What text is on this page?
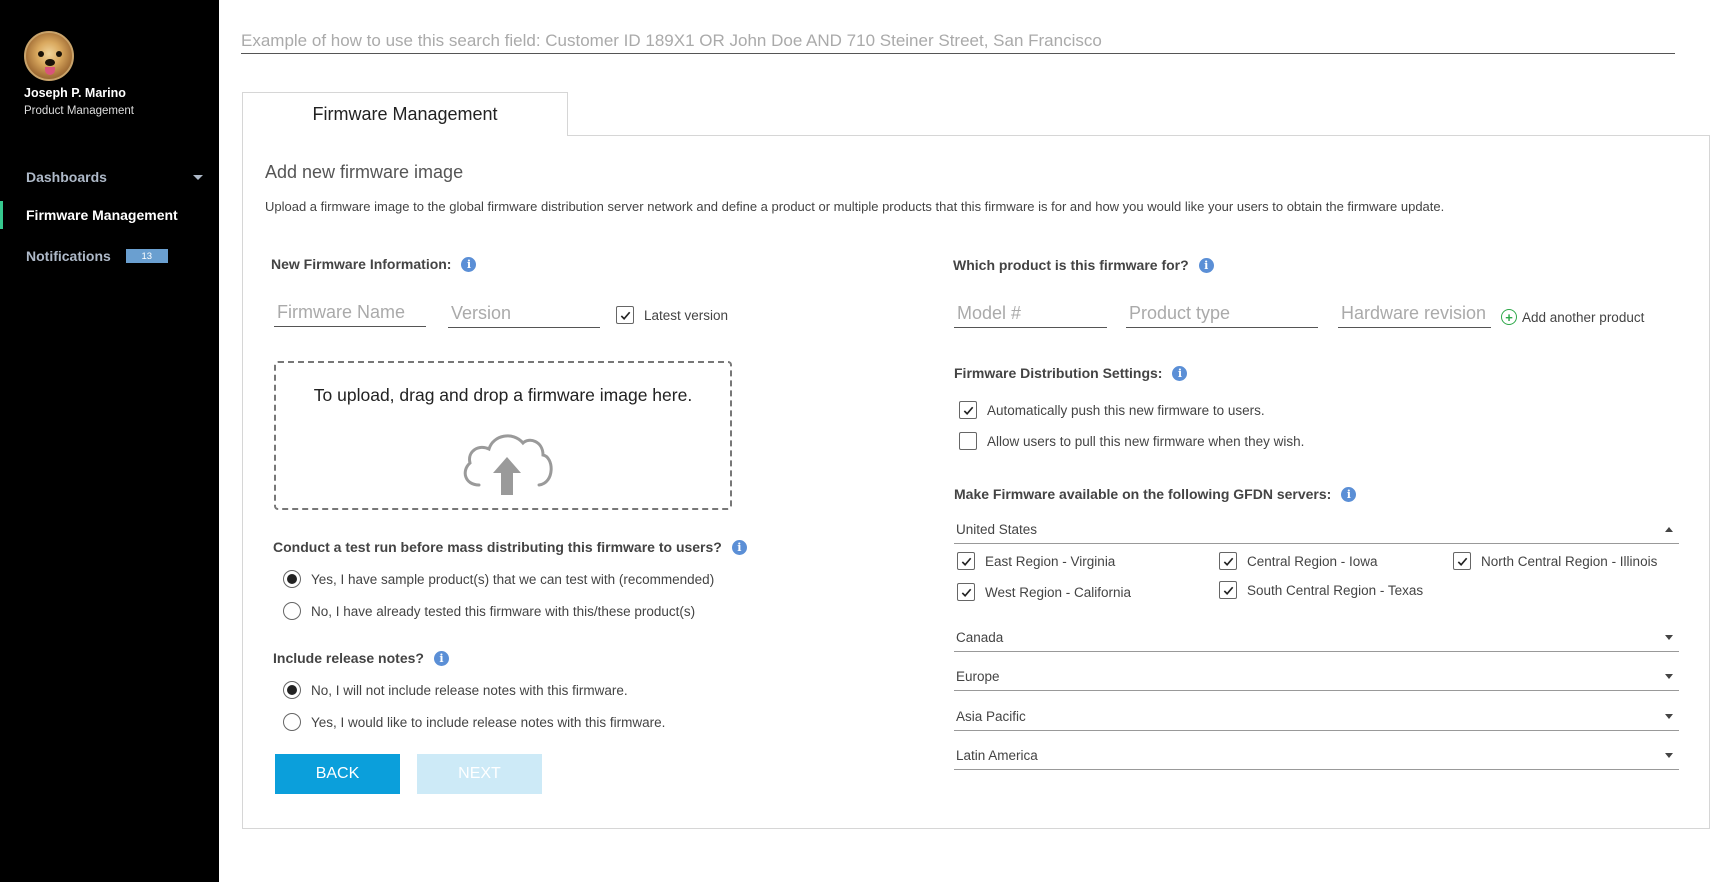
Joseph P. Marino
Product Management
Dashboards
Firmware Management
Notifications	13
Example of how to use this search field: Customer ID 189X1 OR John Doe AND 710 Steiner Street, San Francisco
Firmware Management
Add new firmware image
Upload a firmware image to the global firmware distribution server network and define a product or multiple products that this firmware is for and how you would like your users to obtain the firmware update.
New Firmware Information:	i
Firmware Name	Version	Latest version
To upload, drag and drop a firmware image here.
Conduct a test run before mass distributing this firmware to users?	i
Yes, I have sample product(s) that we can test with (recommended)
No, I have already tested this firmware with this/these product(s)
Include release notes?	i
No, I will not include release notes with this firmware.
Yes, I would like to include release notes with this firmware.
BACK	NEXT
Which product is this firmware for?	i
Model #	Product type	Hardware revision	+ Add another product
Firmware Distribution Settings:	i
Automatically push this new firmware to users.
Allow users to pull this new firmware when they wish.
Make Firmware available on the following GFDN servers:	i
United States
East Region - Virginia	Central Region - Iowa	North Central Region - Illinois
West Region - California	South Central Region - Texas
Canada
Europe
Asia Pacific
Latin America
